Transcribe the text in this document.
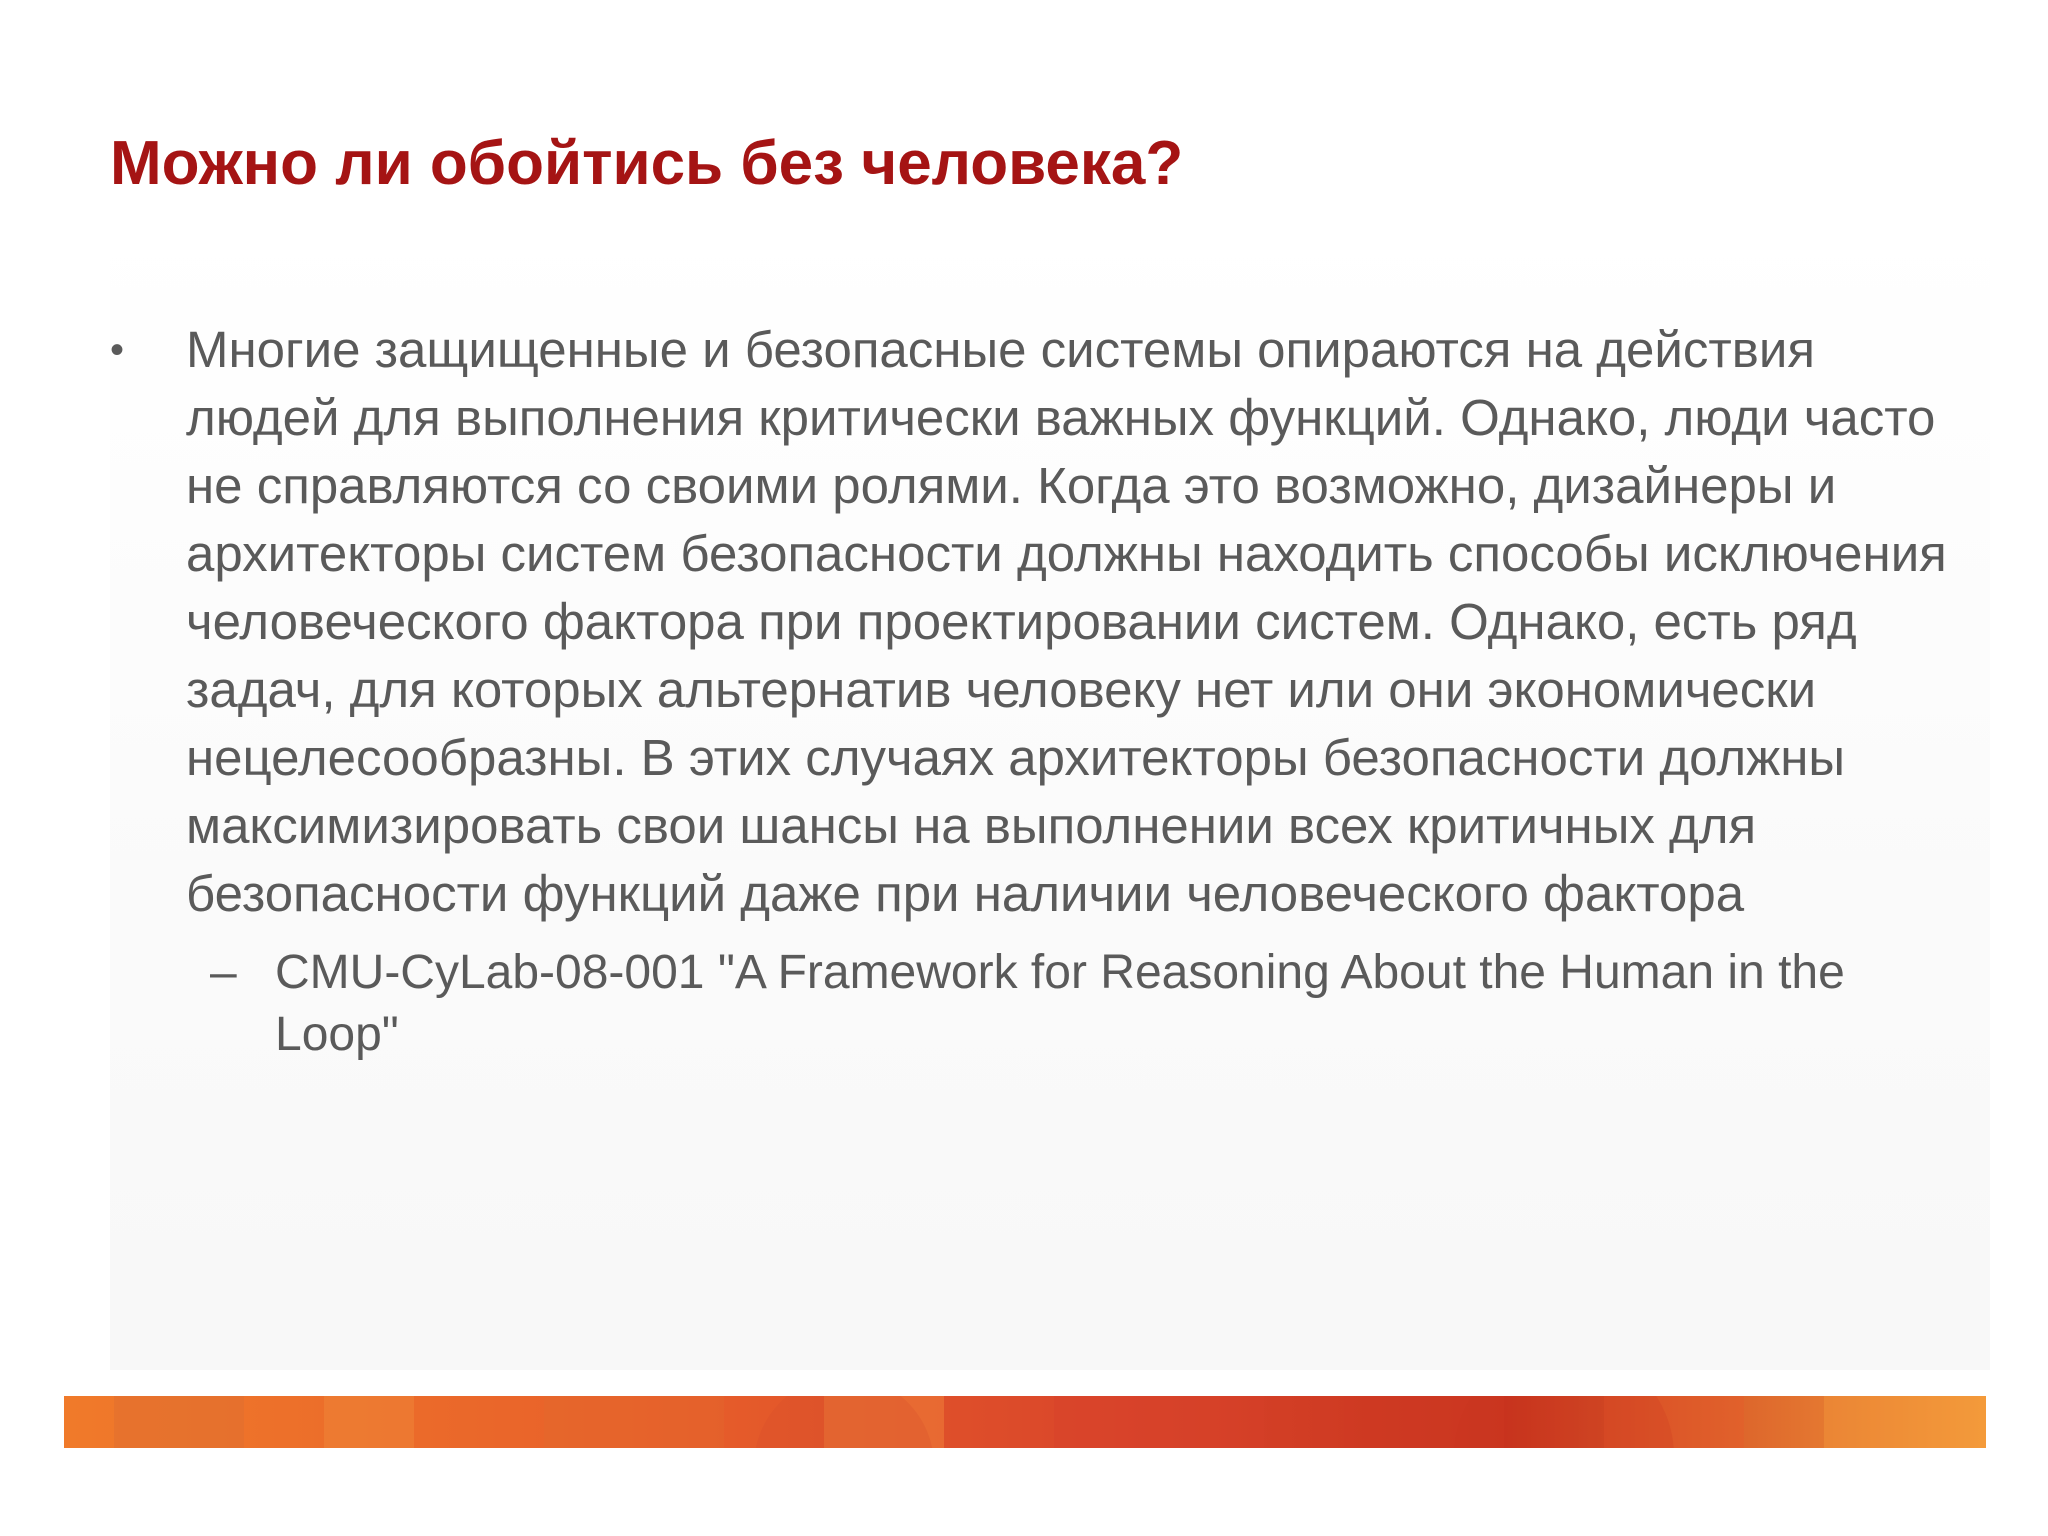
Можно ли обойтись без человека?
• Многие защищенные и безопасные системы опираются на действия людей для выполнения критически важных функций. Однако, люди часто не справляются со своими ролями. Когда это возможно, дизайнеры и архитекторы систем безопасности должны находить способы исключения человеческого фактора при проектировании систем. Однако, есть ряд задач, для которых альтернатив человеку нет или они экономически нецелесообразны. В этих случаях архитекторы безопасности должны максимизировать свои шансы на выполнении всех критичных для безопасности функций даже при наличии человеческого фактора
– CMU-CyLab-08-001 "A Framework for Reasoning About the Human in the Loop"
